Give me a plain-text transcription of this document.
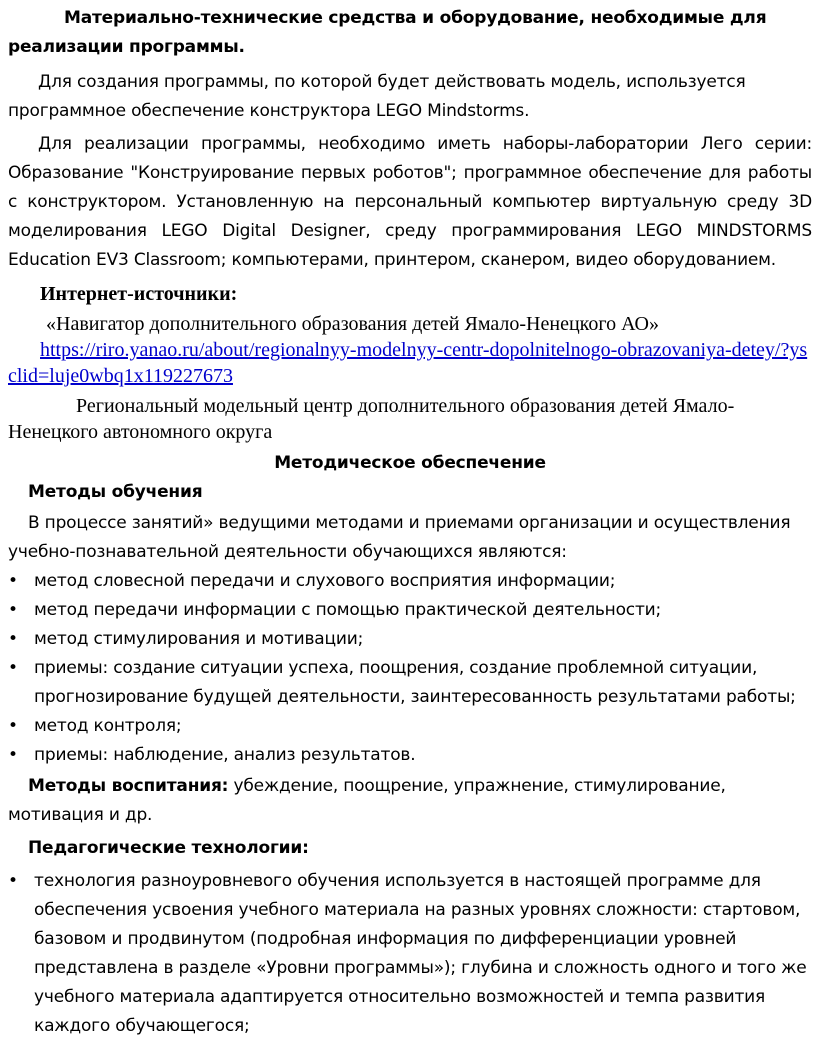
Материально-технические средства и оборудование, необходимые для реализации программы.

Для создания программы, по которой будет действовать модель, используется программное обеспечение конструктора LEGO Mindstorms.

Для реализации программы, необходимо иметь наборы-лаборатории Лего серии: Образование "Конструирование первых роботов"; программное обеспечение для работы с конструктором. Установленную на персональный компьютер виртуальную среду 3D моделирования LEGO Digital Designer, среду программирования LEGO MINDSTORMS Education EV3 Classroom; компьютерами, принтером, сканером, видео оборудованием.

Интернет-источники:

«Навигатор дополнительного образования детей Ямало-Ненецкого АО»

https://riro.yanao.ru/about/regionalnyy-modelnyy-centr-dopolnitelnogo-obrazovaniya-detey/?ysclid=luje0wbq1x119227673

Региональный модельный центр дополнительного образования детей Ямало-Ненецкого автономного округа

Методическое обеспечение

Методы обучения

В процессе занятий» ведущими методами и приемами организации и осуществления учебно-познавательной деятельности обучающихся являются:

• метод словесной передачи и слухового восприятия информации;
• метод передачи информации с помощью практической деятельности;
• метод стимулирования и мотивации;
• приемы: создание ситуации успеха, поощрения, создание проблемной ситуации, прогнозирование будущей деятельности, заинтересованность результатами работы;
• метод контроля;
• приемы: наблюдение, анализ результатов.

Методы воспитания: убеждение, поощрение, упражнение, стимулирование, мотивация и др.

Педагогические технологии:

• технология разноуровневого обучения используется в настоящей программе для обеспечения усвоения учебного материала на разных уровнях сложности: стартовом, базовом и продвинутом (подробная информация по дифференциации уровней представлена в разделе «Уровни программы»); глубина и сложность одного и того же учебного материала адаптируется относительно возможностей и темпа развития каждого обучающегося;
